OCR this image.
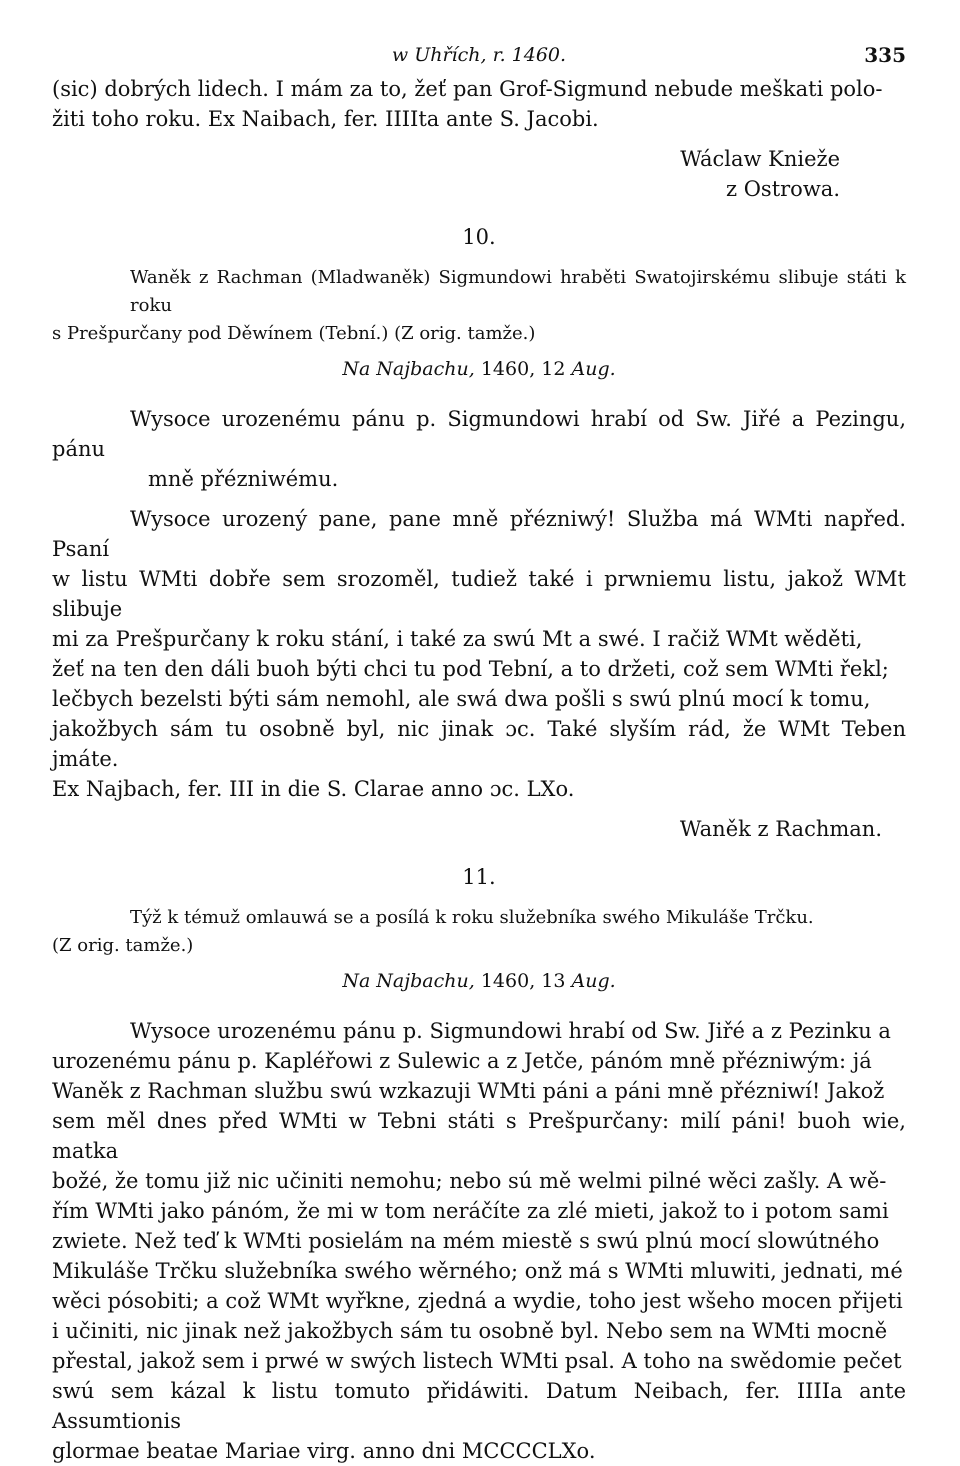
w Uhřích, r. 1460.	335

(sic) dobrých lidech. I mám za to, žeť pan Grof-Sigmund nebude meškati polo-

žiti toho roku. Ex Naibach, fer. IIIIta ante S. Jacobi.

Wáclaw Knieže

z Ostrowa.

10.

Waněk z Rachman (Mladwaněk) Sigmundowi hraběti Swatojirskému slibuje státi k roku

s Prešpurčany pod Děwínem (Tební.) (Z orig. tamže.)

Na Najbachu, 1460, 12 Aug.

Wysoce urozenému pánu p. Sigmundowi hrabí od Sw. Jiřé a Pezingu, pánu

mně přézniwému.

Wysoce urozený pane, pane mně přézniwý! Služba má WMti napřed. Psaní

w listu WMti dobře sem srozoměl, tudiež také i prwniemu listu, jakož WMt slibuje

mi za Prešpurčany k roku stání, i také za swú Mt a swé. I račiž WMt wěděti,

žeť na ten den dáli buoh býti chci tu pod Tební, a to držeti, což sem WMti řekl;

lečbych bezelsti býti sám nemohl, ale swá dwa pošli s swú plnú mocí k tomu,

jakožbych sám tu osobně byl, nic jinak ɔc. Také slyším rád, že WMt Teben jmáte.

Ex Najbach, fer. III in die S. Clarae anno ɔc. LXo.

Waněk z Rachman.

11.

Týž k témuž omlauwá se a posílá k roku služebníka swého Mikuláše Trčku.

(Z orig. tamže.)

Na Najbachu, 1460, 13 Aug.

Wysoce urozenému pánu p. Sigmundowi hrabí od Sw. Jiřé a z Pezinku a

urozenému pánu p. Kapléřowi z Sulewic a z Jetče, pánóm mně přézniwým: já

Waněk z Rachman službu swú wzkazuji WMti páni a páni mně přézniwí! Jakož

sem měl dnes před WMti w Tebni státi s Prešpurčany: milí páni! buoh wie, matka

božé, že tomu již nic učiniti nemohu; nebo sú mě welmi pilné wěci zašly. A wě-

řím WMti jako pánóm, že mi w tom neráčíte za zlé mieti, jakož to i potom sami

zwiete. Než teď k WMti posielám na mém miestě s swú plnú mocí slowútného

Mikuláše Trčku služebníka swého wěrného; onž má s WMti mluwiti, jednati, mé

wěci pósobiti; a což WMt wyřkne, zjedná a wydie, toho jest wšeho mocen přijeti

i učiniti, nic jinak než jakožbych sám tu osobně byl. Nebo sem na WMti mocně

přestal, jakož sem i prwé w swých listech WMti psal. A toho na swědomie pečet

swú sem kázal k listu tomuto přidáwiti. Datum Neibach, fer. IIIIa ante Assumtionis

glormae beatae Mariae virg. anno dni MCCCCLXo.
